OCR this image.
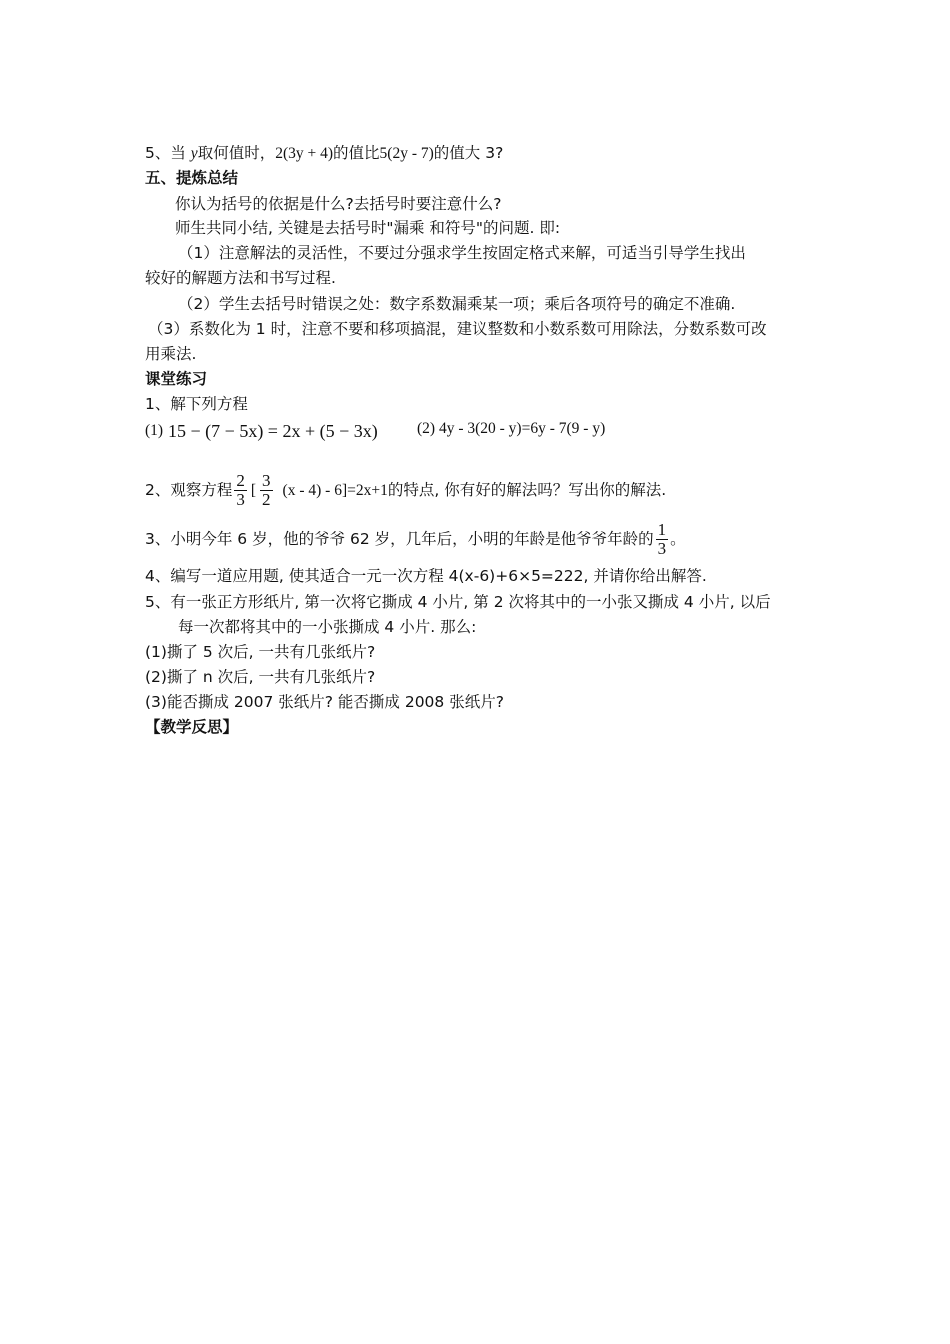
5、当 y取何值时，2(3y + 4)的值比5(2y - 7)的值大 3?
五、提炼总结
你认为括号的依据是什么?去括号时要注意什么?
师生共同小结, 关键是去括号时"漏乘 和符号"的问题. 即:
（1）注意解法的灵活性，不要过分强求学生按固定格式来解，可适当引导学生找出
较好的解题方法和书写过程.
（2）学生去括号时错误之处：数字系数漏乘某一项；乘后各项符号的确定不准确.
（3）系数化为 1 时，注意不要和移项搞混，建议整数和小数系数可用除法，分数系数可改
用乘法.
课堂练习
1、解下列方程
(1) 15 − (7 − 5x) = 2x + (5 − 3x)	(2) 4y - 3(20 - y)=6y - 7(9 - y)
2、观察方程 $\frac{2}{3}$ [ $\frac{3}{2} (x - 4) - 6]=2x+1$的特点, 你有好的解法吗？写出你的解法.
3、小明今年 6 岁，他的爷爷 62 岁，几年后，小明的年龄是他爷爷年龄的 $\frac{1}{3}$ 。
4、编写一道应用题, 使其适合一元一次方程 4(x-6)+6×5=222, 并请你给出解答.
5、有一张正方形纸片, 第一次将它撕成 4 小片, 第 2 次将其中的一小张又撕成 4 小片, 以后
每一次都将其中的一小张撕成 4 小片. 那么:
(1)撕了 5 次后, 一共有几张纸片?
(2)撕了 n 次后, 一共有几张纸片?
(3)能否撕成 2007 张纸片? 能否撕成 2008 张纸片?
【教学反思】
